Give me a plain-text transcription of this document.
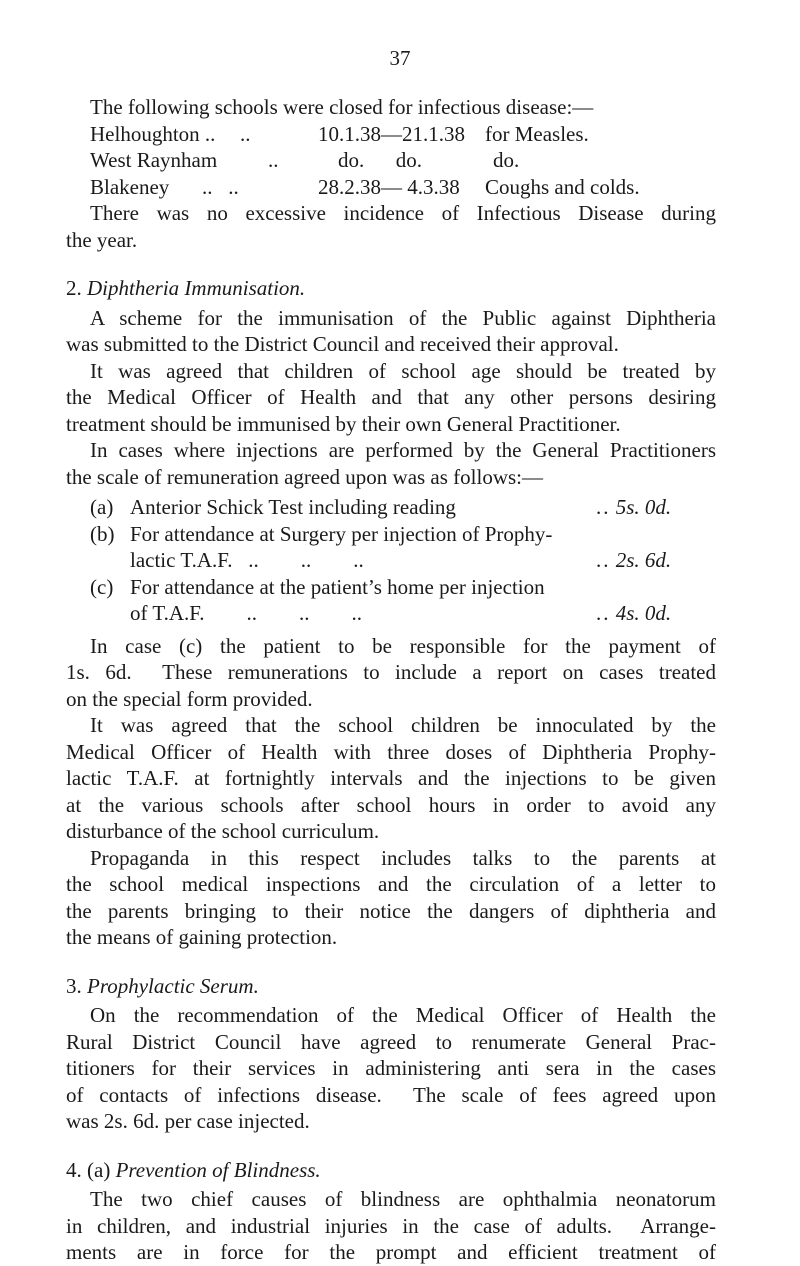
37

The following schools were closed for infectious disease:—

Helhoughton ..	..	10.1.38—21.1.38 for Measles.
West Raynham	..	do.      do.	do.
Blakeney	..   ..	28.2.38— 4.3.38	Coughs and colds.

There was no excessive incidence of Infectious Disease during
the year.

2. Diphtheria Immunisation.

A scheme for the immunisation of the Public against Diphtheria
was submitted to the District Council and received their approval.

It was agreed that children of school age should be treated by
the Medical Officer of Health and that any other persons desiring
treatment should be immunised by their own General Practitioner.

In cases where injections are performed by the General Practitioners
the scale of remuneration agreed upon was as follows:—

(a) Anterior Schick Test including reading	.. 5s. 0d.
(b) For attendance at Surgery per injection of Prophy-
lactic T.A.F.   ..        ..        ..	.. 2s. 6d.
(c) For attendance at the patient’s home per injection
of T.A.F.        ..        ..        ..	.. 4s. 0d.

In case (c) the patient to be responsible for the payment of
1s. 6d.  These remunerations to include a report on cases treated
on the special form provided.

It was agreed that the school children be innoculated by the
Medical Officer of Health with three doses of Diphtheria Prophy-
lactic T.A.F. at fortnightly intervals and the injections to be given
at the various schools after school hours in order to avoid any
disturbance of the school curriculum.

Propaganda in this respect includes talks to the parents at
the school medical inspections and the circulation of a letter to
the parents bringing to their notice the dangers of diphtheria and
the means of gaining protection.

3. Prophylactic Serum.

On the recommendation of the Medical Officer of Health the
Rural District Council have agreed to renumerate General Prac-
titioners for their services in administering anti sera in the cases
of contacts of infections disease.  The scale of fees agreed upon
was 2s. 6d. per case injected.

4. (a) Prevention of Blindness.

The two chief causes of blindness are ophthalmia neonatorum
in children, and industrial injuries in the case of adults.  Arrange-
ments are in force for the prompt and efficient treatment of
